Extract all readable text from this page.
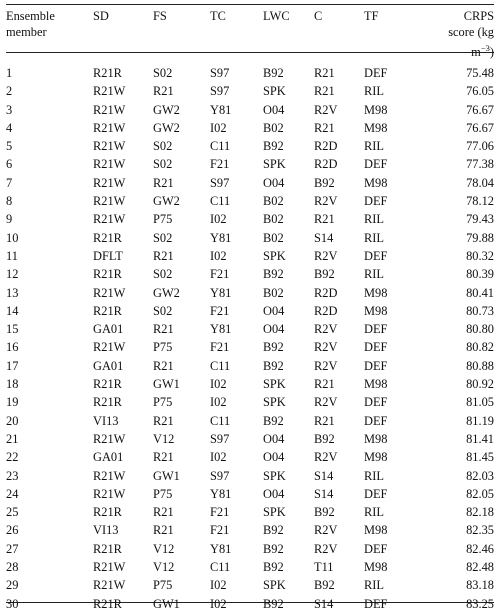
Ensemble
member	SD	FS	TC	LWC	C	TF	CRPS
score (kg $m^{-3}$)
1	R21R	S02	S97	B92	R21	DEF	75.48
2	R21W	R21	S97	SPK	R21	RIL	76.05
3	R21W	GW2	Y81	O04	R2V	M98	76.67
4	R21W	GW2	I02	B02	R21	M98	76.67
5	R21W	S02	C11	B92	R2D	RIL	77.06
6	R21W	S02	F21	SPK	R2D	DEF	77.38
7	R21W	R21	S97	O04	B92	M98	78.04
8	R21W	GW2	C11	B02	R2V	DEF	78.12
9	R21W	P75	I02	B02	R21	RIL	79.43
10	R21R	S02	Y81	B02	S14	RIL	79.88
11	DFLT	R21	I02	SPK	R2V	DEF	80.32
12	R21R	S02	F21	B92	B92	RIL	80.39
13	R21W	GW2	Y81	B02	R2D	M98	80.41
14	R21R	S02	F21	O04	R2D	M98	80.73
15	GA01	R21	Y81	O04	R2V	DEF	80.80
16	R21W	P75	F21	B92	R2V	DEF	80.82
17	GA01	R21	C11	B92	R2V	DEF	80.88
18	R21R	GW1	I02	SPK	R21	M98	80.92
19	R21R	P75	I02	SPK	R2V	DEF	81.05
20	VI13	R21	C11	B92	R21	DEF	81.19
21	R21W	V12	S97	O04	B92	M98	81.41
22	GA01	R21	I02	O04	R2V	M98	81.45
23	R21W	GW1	S97	SPK	S14	RIL	82.03
24	R21W	P75	Y81	O04	S14	DEF	82.05
25	R21R	R21	F21	SPK	B92	RIL	82.18
26	VI13	R21	F21	B92	R2V	M98	82.35
27	R21R	V12	Y81	B92	R2V	DEF	82.46
28	R21W	V12	C11	B92	T11	M98	82.48
29	R21W	P75	I02	SPK	B92	RIL	83.18
30	R21R	GW1	I02	B92	S14	DEF	83.25
